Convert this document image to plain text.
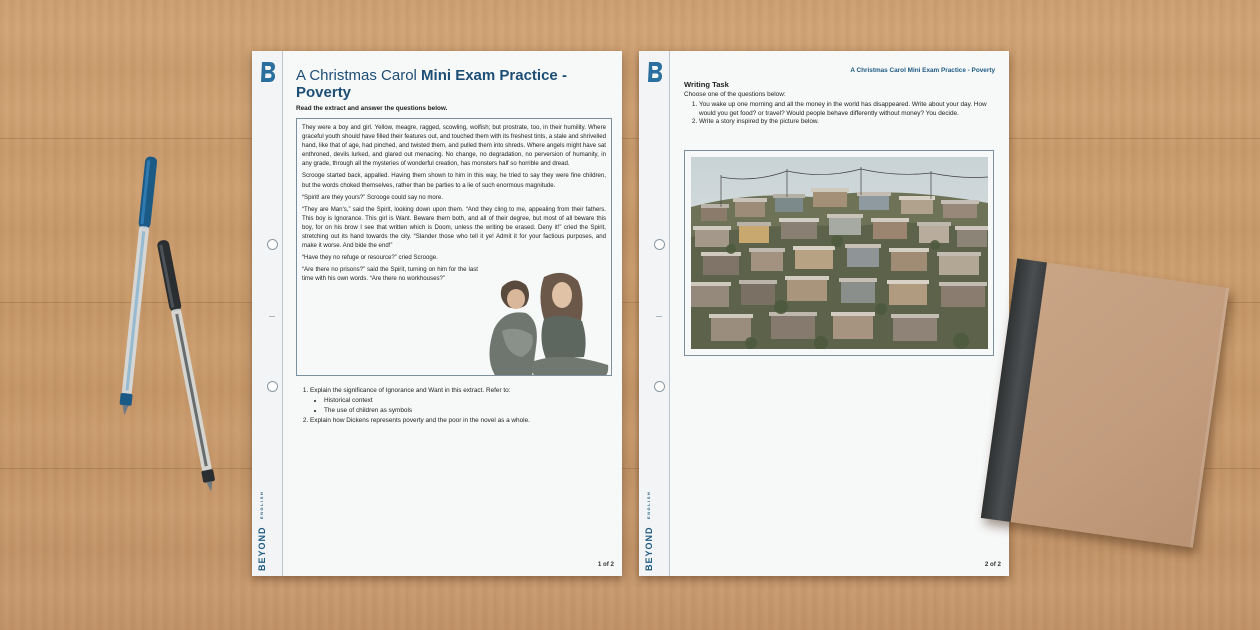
BEYOND ENGLISH
A Christmas Carol Mini Exam Practice - Poverty
Read the extract and answer the questions below.

They were a boy and girl. Yellow, meagre, ragged, scowling, wolfish; but prostrate, too, in their humility. Where graceful youth should have filled their features out, and touched them with its freshest tints, a stale and shrivelled hand, like that of age, had pinched, and twisted them, and pulled them into shreds. Where angels might have sat enthroned, devils lurked, and glared out menacing. No change, no degradation, no perversion of humanity, in any grade, through all the mysteries of wonderful creation, has monsters half so horrible and dread.

Scrooge started back, appalled. Having them shown to him in this way, he tried to say they were fine children, but the words choked themselves, rather than be parties to a lie of such enormous magnitude.

“Spirit! are they yours?” Scrooge could say no more.

“They are Man's,” said the Spirit, looking down upon them. “And they cling to me, appealing from their fathers. This boy is Ignorance. This girl is Want. Beware them both, and all of their degree, but most of all beware this boy, for on his brow I see that written which is Doom, unless the writing be erased. Deny it!” cried the Spirit, stretching out its hand towards the city. “Slander those who tell it ye! Admit it for your factious purposes, and make it worse. And bide the end!”

“Have they no refuge or resource?” cried Scrooge.

“Are there no prisons?” said the Spirit, turning on him for the last time with his own words. “Are there no workhouses?”

1. Explain the significance of Ignorance and Want in this extract. Refer to:
• Historical context
• The use of children as symbols
2. Explain how Dickens represents poverty and the poor in the novel as a whole.
1 of 2	BEYOND ENGLISH
A Christmas Carol Mini Exam Practice - Poverty
Writing Task
Choose one of the questions below:
1. You wake up one morning and all the money in the world has disappeared. Write about your day. How would you get food? or travel? Would people behave differently without money? You decide.
2. Write a story inspired by the picture below.
2 of 2
